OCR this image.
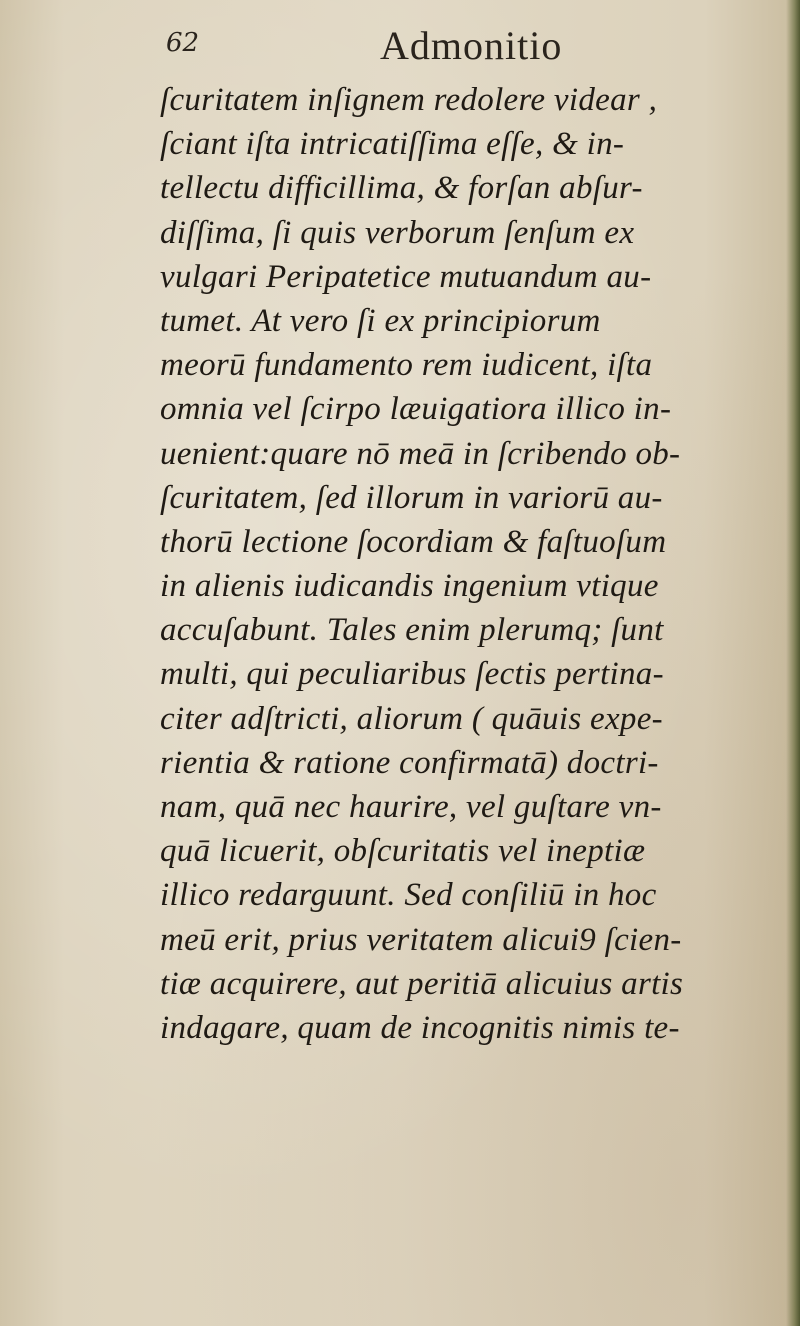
62	Admonitio
ſcuritatem inſignem redolere videar ,
ſciant iſta intricatiſſima eſſe, & in-
tellectu difficillima, & forſan abſur-
diſſima, ſi quis verborum ſenſum ex
vulgari Peripatetice mutuandum au-
tumet. At vero ſi ex principiorum
meorū fundamento rem iudicent, iſta
omnia vel ſcirpo læuigatiora illico in-
uenient:quare nō meā in ſcribendo ob-
ſcuritatem, ſed illorum in variorū au-
thorū lectione ſocordiam & faſtuoſum
in alienis iudicandis ingenium vtique
accuſabunt. Tales enim plerumq; ſunt
multi, qui peculiaribus ſectis pertina-
citer adſtricti, aliorum ( quāuis expe-
rientia & ratione confirmatā) doctri-
nam, quā nec haurire, vel guſtare vn-
quā licuerit, obſcuritatis vel ineptiæ
illico redarguunt. Sed conſiliū in hoc
meū erit, prius veritatem alicui9 ſcien-
tiæ acquirere, aut peritiā alicuius artis
indagare, quam de incognitis nimis te-
